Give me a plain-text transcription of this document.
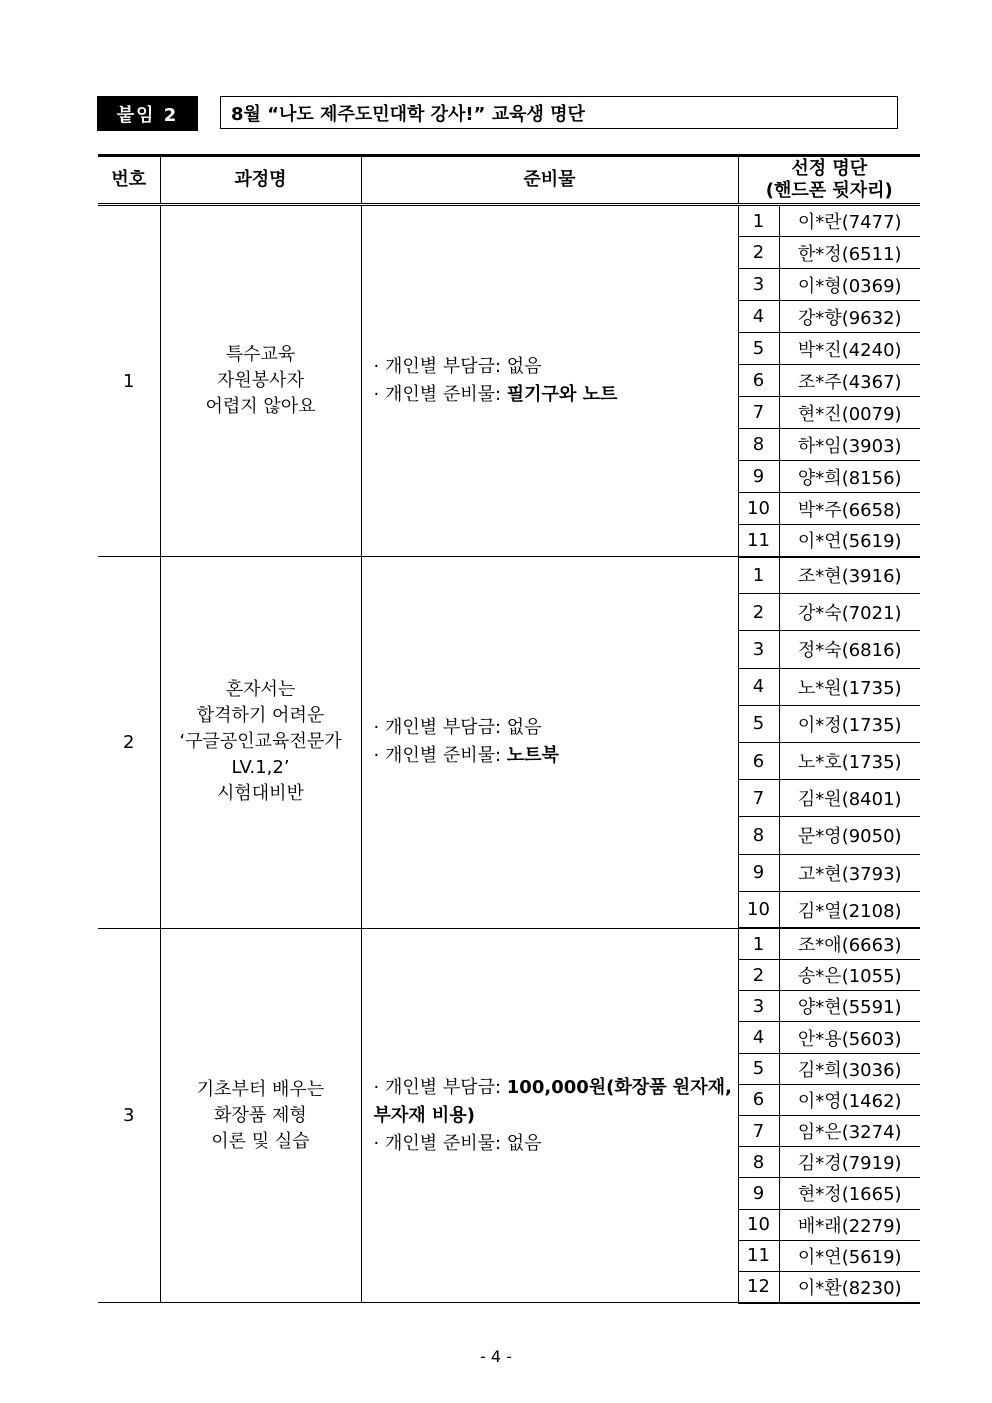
붙임 2	8월 “나도 제주도민대학 강사!” 교육생 명단
번호	과정명	준비물	선정 명단
(핸드폰 뒷자리)	
1	특수교육
자원봉사자
어렵지 않아요	· 개인별 부담금: 없음
· 개인별 준비물: 필기구와 노트	1	이*란(7477)
			2	한*정(6511)
			3	이*형(0369)
			4	강*향(9632)
			5	박*진(4240)
			6	조*주(4367)
			7	현*진(0079)
			8	하*임(3903)
			9	양*희(8156)
			10	박*주(6658)
			11	이*연(5619)
2	혼자서는
합격하기 어려운
‘구글공인교육전문가
LV.1,2’
시험대비반	· 개인별 부담금: 없음
· 개인별 준비물: 노트북	1	조*현(3916)
			2	강*숙(7021)
			3	정*숙(6816)
			4	노*원(1735)
			5	이*정(1735)
			6	노*호(1735)
			7	김*원(8401)
			8	문*영(9050)
			9	고*현(3793)
			10	김*열(2108)
3	기초부터 배우는
화장품 제형
이론 및 실습	· 개인별 부담금: 100,000원(화장품 원자재,
부자재 비용)
· 개인별 준비물: 없음	1	조*애(6663)
			2	송*은(1055)
			3	양*현(5591)
			4	안*용(5603)
			5	김*희(3036)
			6	이*영(1462)
			7	임*은(3274)
			8	김*경(7919)
			9	현*정(1665)
			10	배*래(2279)
			11	이*연(5619)
			12	이*환(8230)
- 4 -
